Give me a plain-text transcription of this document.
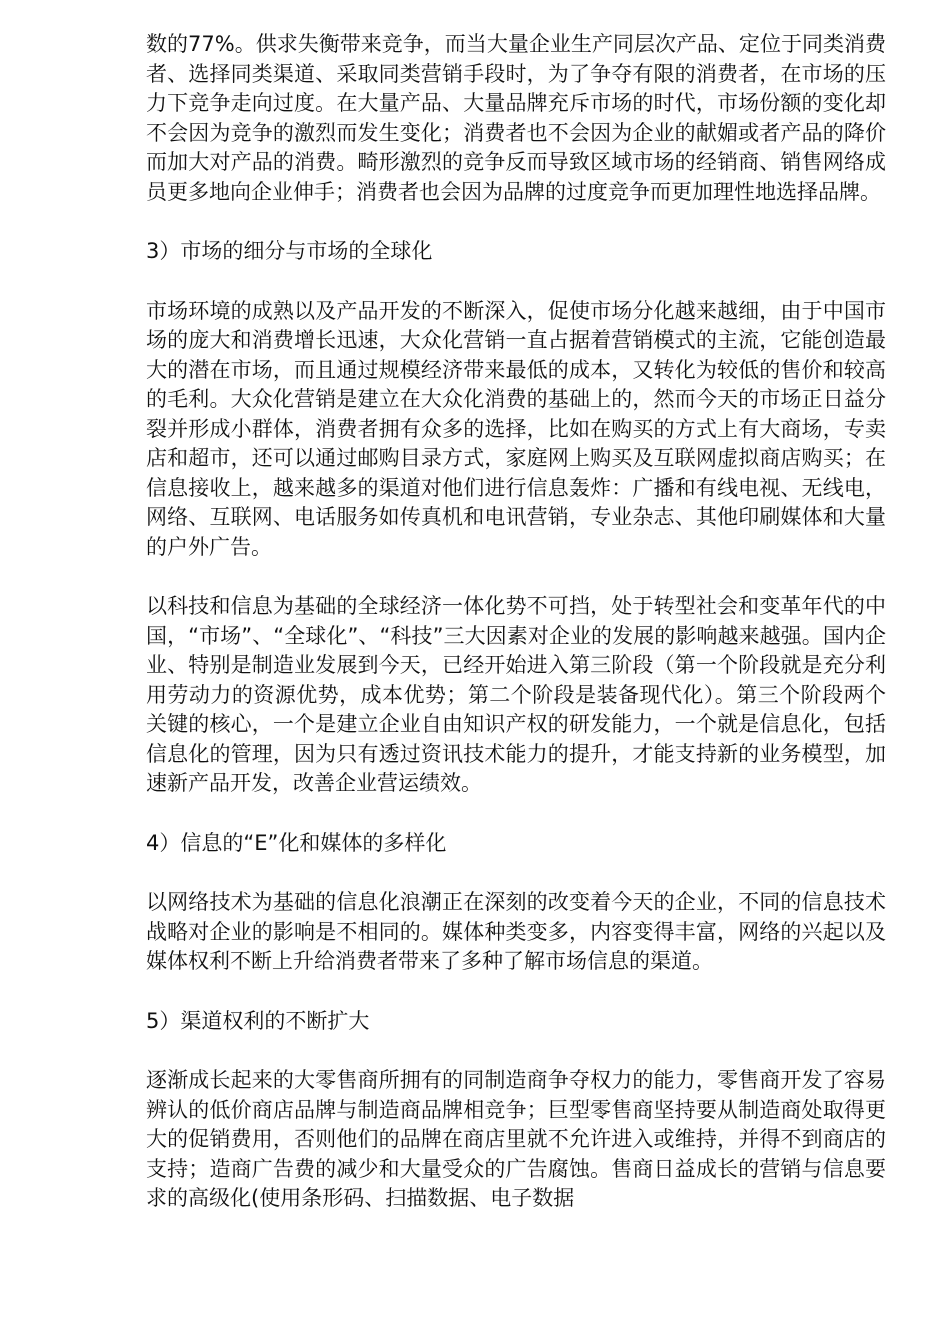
数的77%。供求失衡带来竞争，而当大量企业生产同层次产品、定位于同类消费者、选择同类渠道、采取同类营销手段时，为了争夺有限的消费者，在市场的压力下竞争走向过度。在大量产品、大量品牌充斥市场的时代，市场份额的变化却不会因为竞争的激烈而发生变化；消费者也不会因为企业的献媚或者产品的降价而加大对产品的消费。畸形激烈的竞争反而导致区域市场的经销商、销售网络成员更多地向企业伸手；消费者也会因为品牌的过度竞争而更加理性地选择品牌。

3）市场的细分与市场的全球化

市场环境的成熟以及产品开发的不断深入，促使市场分化越来越细，由于中国市场的庞大和消费增长迅速，大众化营销一直占据着营销模式的主流，它能创造最大的潜在市场，而且通过规模经济带来最低的成本，又转化为较低的售价和较高的毛利。大众化营销是建立在大众化消费的基础上的，然而今天的市场正日益分裂并形成小群体，消费者拥有众多的选择，比如在购买的方式上有大商场，专卖店和超市，还可以通过邮购目录方式，家庭网上购买及互联网虚拟商店购买；在信息接收上，越来越多的渠道对他们进行信息轰炸：广播和有线电视、无线电，网络、互联网、电话服务如传真机和电讯营销，专业杂志、其他印刷媒体和大量的户外广告。

以科技和信息为基础的全球经济一体化势不可挡，处于转型社会和变革年代的中国，“市场”、“全球化”、“科技”三大因素对企业的发展的影响越来越强。国内企业、特别是制造业发展到今天，已经开始进入第三阶段（第一个阶段就是充分利用劳动力的资源优势，成本优势；第二个阶段是装备现代化）。第三个阶段两个关键的核心，一个是建立企业自由知识产权的研发能力，一个就是信息化，包括信息化的管理，因为只有透过资讯技术能力的提升，才能支持新的业务模型，加速新产品开发，改善企业营运绩效。

4）信息的“E”化和媒体的多样化

以网络技术为基础的信息化浪潮正在深刻的改变着今天的企业，不同的信息技术战略对企业的影响是不相同的。媒体种类变多，内容变得丰富，网络的兴起以及媒体权利不断上升给消费者带来了多种了解市场信息的渠道。

5）渠道权利的不断扩大

逐渐成长起来的大零售商所拥有的同制造商争夺权力的能力，零售商开发了容易辨认的低价商店品牌与制造商品牌相竞争；巨型零售商坚持要从制造商处取得更大的促销费用，否则他们的品牌在商店里就不允许进入或维持，并得不到商店的支持；造商广告费的减少和大量受众的广告腐蚀。售商日益成长的营销与信息要求的高级化(使用条形码、扫描数据、电子数据
